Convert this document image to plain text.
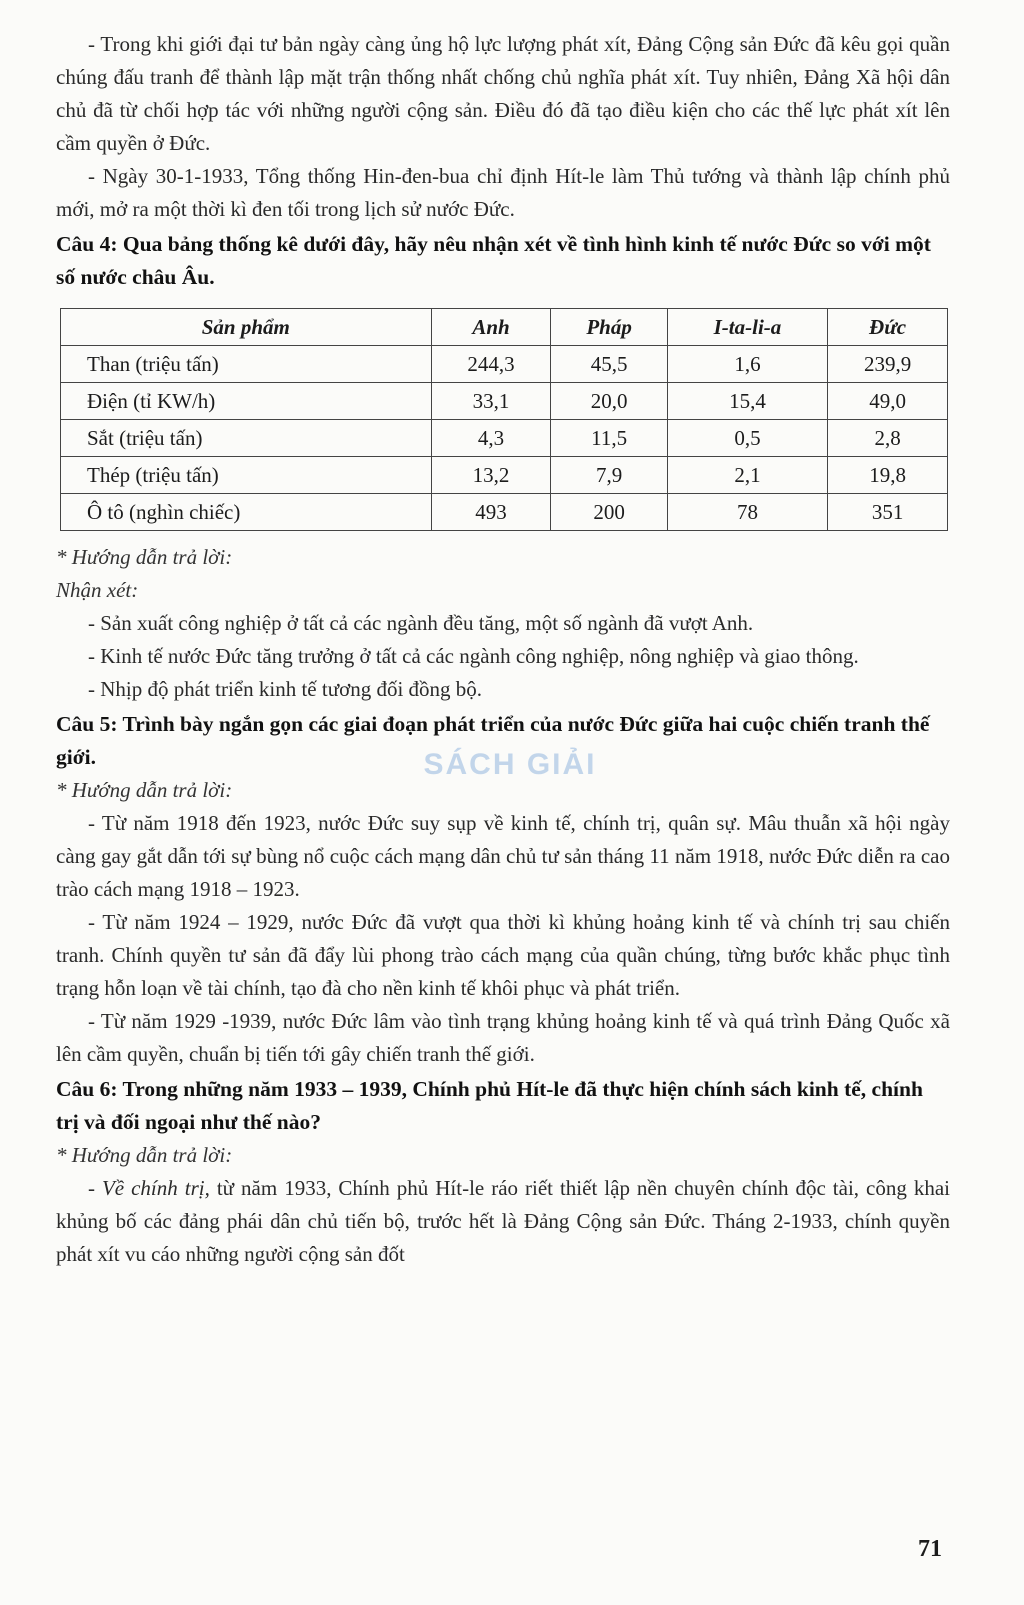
- Trong khi giới đại tư bản ngày càng ủng hộ lực lượng phát xít, Đảng Cộng sản Đức đã kêu gọi quần chúng đấu tranh để thành lập mặt trận thống nhất chống chủ nghĩa phát xít. Tuy nhiên, Đảng Xã hội dân chủ đã từ chối hợp tác với những người cộng sản. Điều đó đã tạo điều kiện cho các thế lực phát xít lên cầm quyền ở Đức.

- Ngày 30-1-1933, Tổng thống Hin-đen-bua chỉ định Hít-le làm Thủ tướng và thành lập chính phủ mới, mở ra một thời kì đen tối trong lịch sử nước Đức.

Câu 4: Qua bảng thống kê dưới đây, hãy nêu nhận xét về tình hình kinh tế nước Đức so với một số nước châu Âu.

Sản phẩm	Anh	Pháp	I-ta-li-a	Đức
Than (triệu tấn)	244,3	45,5	1,6	239,9
Điện (tỉ KW/h)	33,1	20,0	15,4	49,0
Sắt (triệu tấn)	4,3	11,5	0,5	2,8
Thép (triệu tấn)	13,2	7,9	2,1	19,8
Ô tô (nghìn chiếc)	493	200	78	351

* Hướng dẫn trả lời:

Nhận xét:

- Sản xuất công nghiệp ở tất cả các ngành đều tăng, một số ngành đã vượt Anh.

- Kinh tế nước Đức tăng trưởng ở tất cả các ngành công nghiệp, nông nghiệp và giao thông.

- Nhịp độ phát triển kinh tế tương đối đồng bộ.

Câu 5: Trình bày ngắn gọn các giai đoạn phát triển của nước Đức giữa hai cuộc chiến tranh thế giới.

* Hướng dẫn trả lời:

- Từ năm 1918 đến 1923, nước Đức suy sụp về kinh tế, chính trị, quân sự. Mâu thuẫn xã hội ngày càng gay gắt dẫn tới sự bùng nổ cuộc cách mạng dân chủ tư sản tháng 11 năm 1918, nước Đức diễn ra cao trào cách mạng 1918 – 1923.

- Từ năm 1924 – 1929, nước Đức đã vượt qua thời kì khủng hoảng kinh tế và chính trị sau chiến tranh. Chính quyền tư sản đã đẩy lùi phong trào cách mạng của quần chúng, từng bước khắc phục tình trạng hỗn loạn về tài chính, tạo đà cho nền kinh tế khôi phục và phát triển.

- Từ năm 1929 -1939, nước Đức lâm vào tình trạng khủng hoảng kinh tế và quá trình Đảng Quốc xã lên cầm quyền, chuẩn bị tiến tới gây chiến tranh thế giới.

Câu 6: Trong những năm 1933 – 1939, Chính phủ Hít-le đã thực hiện chính sách kinh tế, chính trị và đối ngoại như thế nào?

* Hướng dẫn trả lời:

- Về chính trị, từ năm 1933, Chính phủ Hít-le ráo riết thiết lập nền chuyên chính độc tài, công khai khủng bố các đảng phái dân chủ tiến bộ, trước hết là Đảng Cộng sản Đức. Tháng 2-1933, chính quyền phát xít vu cáo những người cộng sản đốt

SÁCH GIẢI
71
